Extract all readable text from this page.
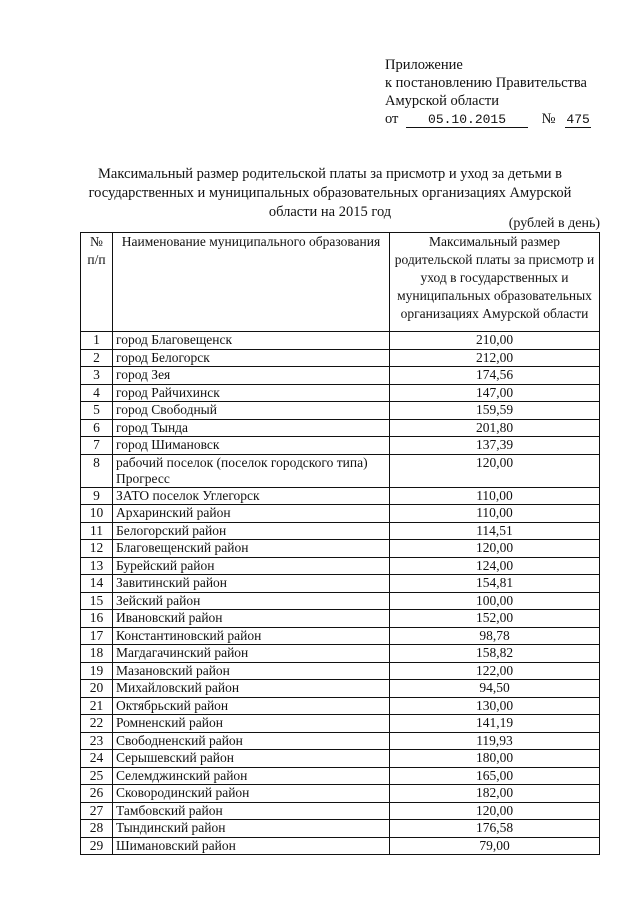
Приложение
к постановлению Правительства
Амурской области
от 05.10.2015 № 475
Максимальный размер родительской платы за присмотр и уход за детьми в государственных и муниципальных образовательных организациях Амурской области на 2015 год
(рублей в день)
№ п/п	Наименование муниципального образования	Максимальный размер родительской платы за присмотр и уход в государственных и муниципальных образовательных организациях Амурской области
1	город Благовещенск	210,00
2	город Белогорск	212,00
3	город Зея	174,56
4	город Райчихинск	147,00
5	город Свободный	159,59
6	город Тында	201,80
7	город Шимановск	137,39
8	рабочий поселок (поселок городского типа) Прогресс	120,00
9	ЗАТО поселок Углегорск	110,00
10	Архаринский район	110,00
11	Белогорский район	114,51
12	Благовещенский район	120,00
13	Бурейский район	124,00
14	Завитинский район	154,81
15	Зейский район	100,00
16	Ивановский район	152,00
17	Константиновский район	98,78
18	Магдагачинский район	158,82
19	Мазановский район	122,00
20	Михайловский район	94,50
21	Октябрьский район	130,00
22	Ромненский район	141,19
23	Свободненский район	119,93
24	Серышевский район	180,00
25	Селемджинский район	165,00
26	Сковородинский район	182,00
27	Тамбовский район	120,00
28	Тындинский район	176,58
29	Шимановский район	79,00
